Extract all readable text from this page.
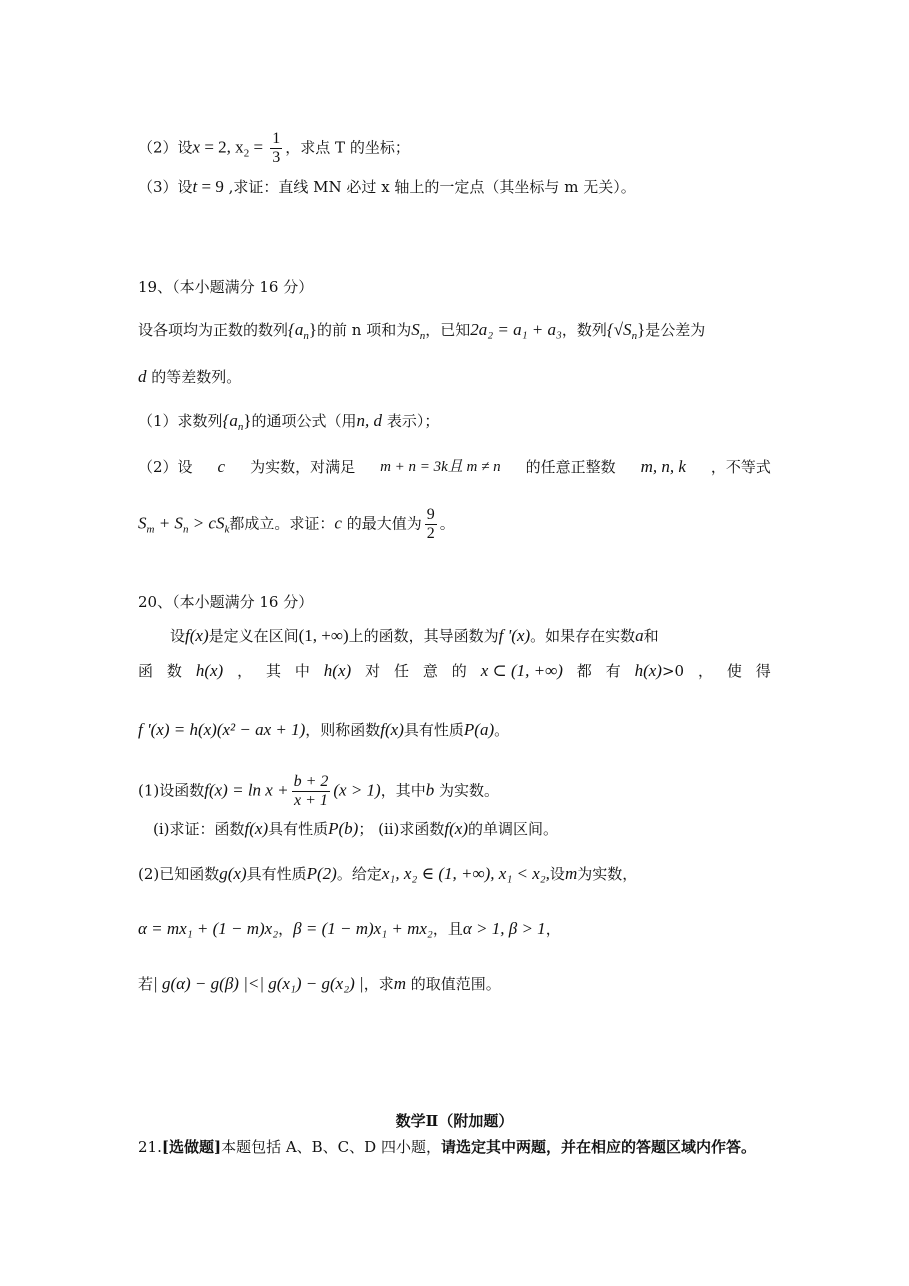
（2）设x = 2, $x_2 = \frac{1}{3}$ ，求点 T 的坐标；
（3）设t = 9 ,求证：直线 MN 必过 x 轴上的一定点（其坐标与 m 无关）。
19、（本小题满分 16 分）
设各项均为正数的数列$\{a_n\}$的前 n 项和为$S_n$，已知2a₂ = a₁ + a₃，数列$\{√S_n\}$是公差为
d 的等差数列。
（1）求数列$\{a_n\}$的通项公式（用n, d 表示）；
（2）设 c 为实数，对满足 m + n = 3k且 m ≠ n 的任意正整数 m, n, k ，不等式
$S_m + S_n > cS_k$都成立。求证：c 的最大值为 $\frac{9}{2}$ 。
20、（本小题满分 16 分）
设f(x)是定义在区间(1, +∞)上的函数，其导函数为f '(x)。如果存在实数a和
函 数 h(x) ， 其 中 h(x) 对 任 意 的 x ⊂ (1, +∞) 都 有 h(x)>0 ， 使 得
f '(x) = h(x)(x² − ax + 1)，则称函数f(x)具有性质P(a)。
(1)设函数$f(x) = \ln x + \frac{b + 2}{x + 1} (x > 1)$，其中b 为实数。
(i)求证：函数f(x)具有性质P(b)； (ii)求函数f(x)的单调区间。
(2)已知函数g(x)具有性质P(2)。给定x₁, x₂ ∈ (1, +∞), x₁ < x₂,设m为实数，
α = mx₁ + (1 − m)x₂，β = (1 − m)x₁ + mx₂，且α > 1, β > 1，
若| g(α) − g(β) |<| g(x₁) − g(x₂) |，求m 的取值范围。
数学Ⅱ（附加题）
21.[选做题]本题包括 A、B、C、D 四小题，请选定其中两题，并在相应的答题区域内作答。
